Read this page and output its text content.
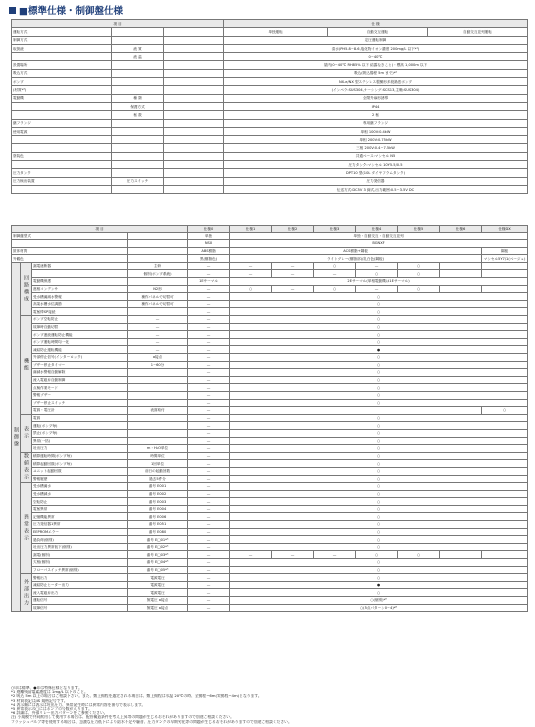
■標準仕様・制御盤仕様
項 目			仕 様		
運転方式			単独運転	自動交互運転	自動交互並列運転
制御方式			定圧運転制御		
取扱液	液 質		清水(PH5.8~8.6,塩化物イオン濃度 200mg/L 以下*¹)		
	液 温		0~40℃		
設置場所			屋内(0~40℃ RH85% 以下 結露なきこと)・標高 1,000m 以下		
吸込方式			吸込(吸込揚程 5m まで)*²		
ポンプ			NX-e/NX 型ステンレス製横形多段渦巻ポンプ		
(材質*³)			(インペラ:SUS304,ケーシング:SCS13,主軸:SUS304)		
電動機	種 類		全閉外扇形誘導		
	保護方式		IP44		
	極 数		2 極		
継フランジ			専用継フランジ		
使用電源			単相 100V:0.4kW		
			単相 200V:0.75kW		
			三相 200V:0.4~7.5kW		
塗装色			共通ベース:マンセル N5		
			圧力タンク:マンセル 10Y5.5/0.5		
圧力タンク			DPT10 型(10L ダイヤフラムタンク)		
圧力検出装置	圧力スイッチ		圧力発信器		
			伝送方式:DC5V 3 線式,出力範囲:0.5~3.5V DC		
項 目				仕様0	仕様1	仕様2	仕様3	仕様4	仕様5	仕様6	仕様DX
制御盤型式				単独	単独・自動交互・自動交互並列						
				NSX	BGNXF						
筐体材質				ABS樹脂	ACS樹脂+鋼板						鋼板
外観色				黒(樹脂色)	ライトグレー(樹脂部)/乳白色(鋼板)						マンセル5Y7/1(ベージュ)
制御盤	回路構成	漏電遮断器	主幹	—	—	—	○	—	○		
			個別(ポンプ系統)	—	—	—	—	○	○		
		電動機保護		1Eサーマル	2Eサーマル(単相電動機は1Eサーマル)						
		進相コンデンサ	N2形	—	○	—	○	—	○		
		受水槽満減水警報	操作パネルで切替可	—	○						
		高架水槽水位調節	操作パネルで切替可	—	○						
		電極棒SP接続		—	○						
	機能	ポンプ空転防止	—	—	○						
		故障時自動切替	—	—	○						
		ポンプ連続運転防止機能	—	—	○						
		ポンプ運転時間均一化	—	—	○						
		凍結防止運転機能	—	—	●						
		外部停止信号(インターロック)	a接点	—	○						
		ブザー停止タイマー	1~60分	—	○						
		満減水警報自動解除		—	○						
		流入電磁弁自動制御		—	○						
		点検作業モード		—	○						
		警報ブザー		—	○						
		ブザー停止スイッチ		—	○						
		電源・電圧計	表面取付	—							○
	表示	電源		—	○						
		運転(ポンプ毎)		—	○						
		禁止(ポンプ毎)		—	○						
		異常(一括)		—	○						
		吐出圧力	m・H₂O単位	—	○						
	数値表示	積算運転時間(ポンプ毎)	時間単位	—	○						
		積算起動回数(ポンプ毎)	1回単位	—	○						
		ユニット起動回数	前日の起動回数	—	○						
		警報履歴	過去5件分	—	○						
	異常表示	受水槽満水	番号 E001	—	○						
		受水槽減水	番号 E002	—	○						
		空転防止	番号 E003	—	○						
		電極異常	番号 E004	—	○						
		記憶機能異常	番号 E006	—	○						
		圧力発信器1異常	番号 E051	—	○						
		EEPROMエラー	番号 E080	—	○						
		過負荷(個別)	番号 E□01*⁵	—	○						
		吐出圧力異常低下(個別)	番号 E□02*⁵	—	○						
		漏電(個別)	番号 E□03*⁵	—	—	—	—	○	○		
		欠相(個別)	番号 E□04*⁵	—	○						
		フローバスイッチ異常(個別)	番号 E□05*⁵	—	○						
	外部出力	警報出力	電源電圧	—	○						
		凍結防止ヒーター出力	電源電圧	—	●						
		流入電磁弁出力	電源電圧	—	○						
		運転信号	無電圧 a接点	—	○(個別)*⁶						
		故障信号	無電圧 a接点	—	○(5点パターン0~4)*⁶						
○印は標準、●印は特殊仕様となります。
*1 遊離残留塩素濃度は 1mg/L 以下のこと。
*2 吸込 5m 以上の場合はご相談下さい。また、敷上揚程を選定される場合は、敷上揚程は水温 20℃の時、全揚程−6m(実揚程−4m)となります。
*3 材質表記はJIS 規格記号です。
*4 表示順には表示は吐出圧力、異常発生時には異常内容を番号で表示します。
*5 異常表示の□にはポンプの号数が入ります。
*6 詳細は、外部リレー出力パターンをご参照ください。
注) 小規模で共同飲用して使用する場合は、配管構造条件を考え上昇等の問題が生じるおそれがありますので別途ご相談ください。
フラッシュバルブ等を使用する場合は、急激な圧力低下により給水不足や騒音、圧力タンクの早期劣化等の問題が生じるおそれがありますので別途ご相談ください。
